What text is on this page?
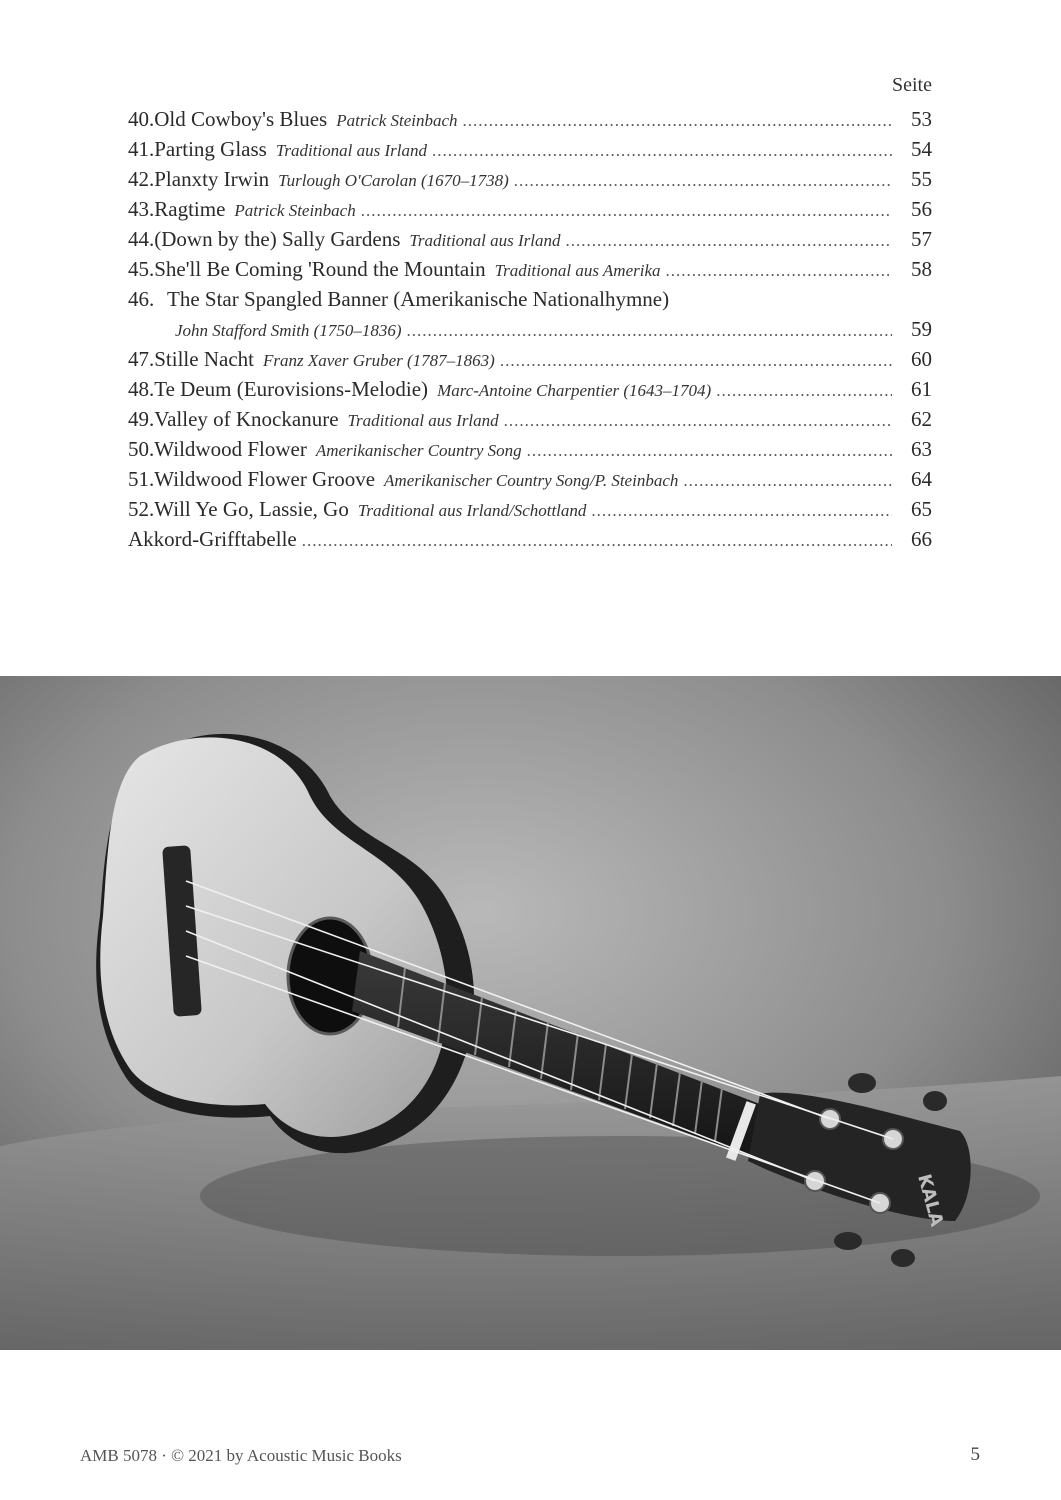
Seite
40. Old Cowboy's Blues Patrick Steinbach .....	53
41. Parting Glass Traditional aus Irland .....	54
42. Planxty Irwin Turlough O'Carolan (1670–1738) .....	55
43. Ragtime Patrick Steinbach .....	56
44. (Down by the) Sally Gardens Traditional aus Irland .....	57
45. She'll Be Coming 'Round the Mountain Traditional aus Amerika .....	58
46. The Star Spangled Banner (Amerikanische Nationalhymne)
John Stafford Smith (1750–1836) .....	59
47. Stille Nacht Franz Xaver Gruber (1787–1863) .....	60
48. Te Deum (Eurovisions-Melodie) Marc-Antoine Charpentier (1643–1704) .....	61
49. Valley of Knockanure Traditional aus Irland .....	62
50. Wildwood Flower Amerikanischer Country Song .....	63
51. Wildwood Flower Groove Amerikanischer Country Song/P. Steinbach .....	64
52. Will Ye Go, Lassie, Go Traditional aus Irland/Schottland .....	65
Akkord-Grifftabelle .....	66
KALA
AMB 5078 · © 2021 by Acoustic Music Books	5
